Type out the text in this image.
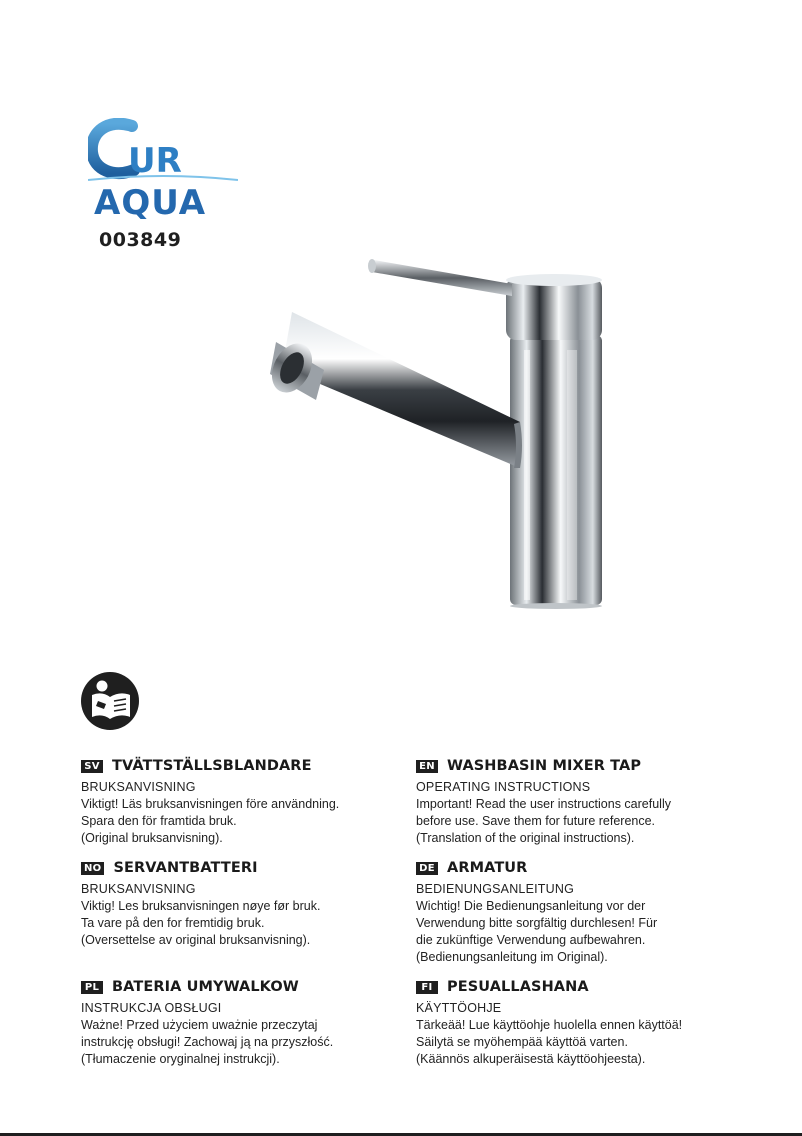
UR
AQUA
003849
SV TVÄTTSTÄLLSBLANDARE
BRUKSANVISNING
Viktigt! Läs bruksanvisningen före användning.
Spara den för framtida bruk.
(Original bruksanvisning).
EN WASHBASIN MIXER TAP
OPERATING INSTRUCTIONS
Important! Read the user instructions carefully
before use. Save them for future reference.
(Translation of the original instructions).
NO SERVANTBATTERI
BRUKSANVISNING
Viktig! Les bruksanvisningen nøye før bruk.
Ta vare på den for fremtidig bruk.
(Oversettelse av original bruksanvisning).
DE ARMATUR
BEDIENUNGSANLEITUNG
Wichtig! Die Bedienungsanleitung vor der
Verwendung bitte sorgfältig durchlesen! Für
die zukünftige Verwendung aufbewahren.
(Bedienungsanleitung im Original).
PL BATERIA UMYWALKOW
INSTRUKCJA OBSŁUGI
Ważne! Przed użyciem uważnie przeczytaj
instrukcję obsługi! Zachowaj ją na przyszłość.
(Tłumaczenie oryginalnej instrukcji).
FI PESUALLASHANA
KÄYTTÖOHJE
Tärkeää! Lue käyttöohje huolella ennen käyttöä!
Säilytä se myöhempää käyttöä varten.
(Käännös alkuperäisestä käyttöohjeesta).
